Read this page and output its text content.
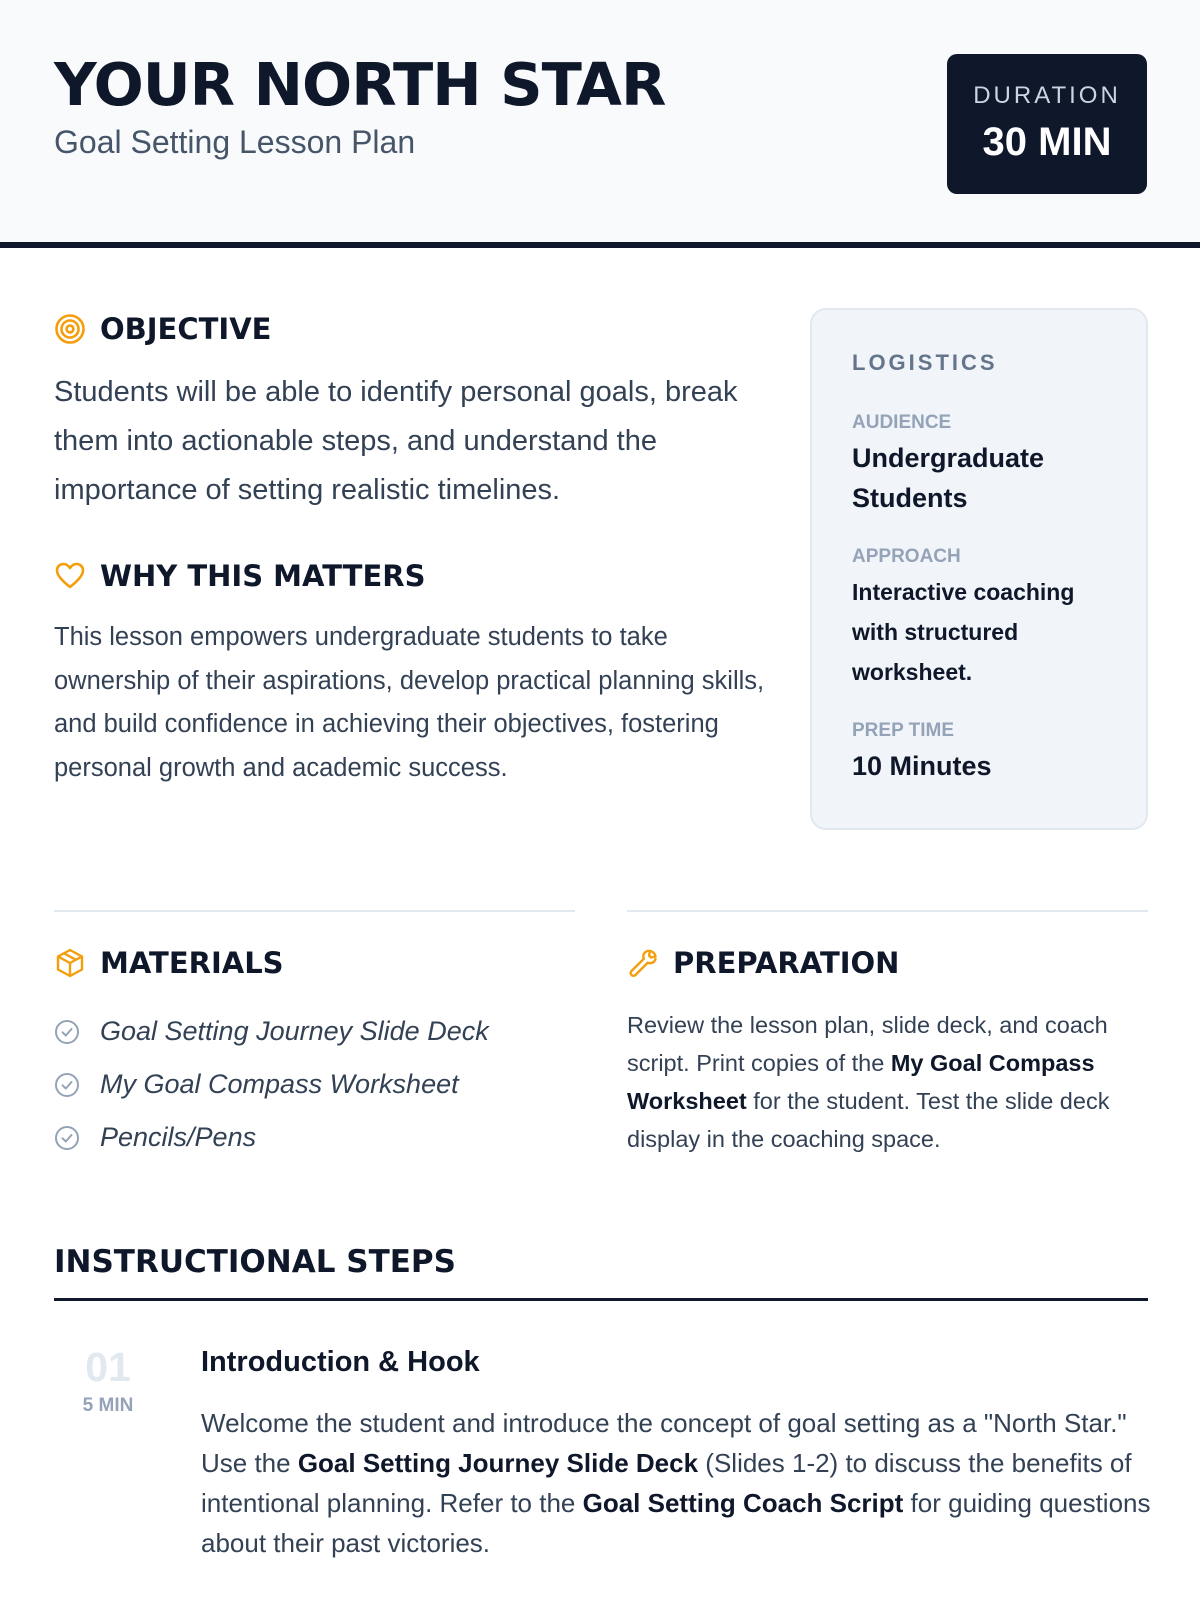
YOUR NORTH STAR
Goal Setting Lesson Plan
DURATION
30 MIN
OBJECTIVE

Students will be able to identify personal goals, break them into actionable steps, and understand the importance of setting realistic timelines.

WHY THIS MATTERS

This lesson empowers undergraduate students to take ownership of their aspirations, develop practical planning skills, and build confidence in achieving their objectives, fostering personal growth and academic success.

LOGISTICS
AUDIENCE
Undergraduate Students
APPROACH
Interactive coaching with structured worksheet.
PREP TIME
10 Minutes
MATERIALS
Goal Setting Journey Slide Deck
My Goal Compass Worksheet
Pencils/Pens
PREPARATION

Review the lesson plan, slide deck, and coach script. Print copies of the My Goal Compass Worksheet for the student. Test the slide deck display in the coaching space.

INSTRUCTIONAL STEPS
01
5 MIN
Introduction & Hook

Welcome the student and introduce the concept of goal setting as a "North Star." Use the Goal Setting Journey Slide Deck (Slides 1-2) to discuss the benefits of intentional planning. Refer to the Goal Setting Coach Script for guiding questions about their past victories.
